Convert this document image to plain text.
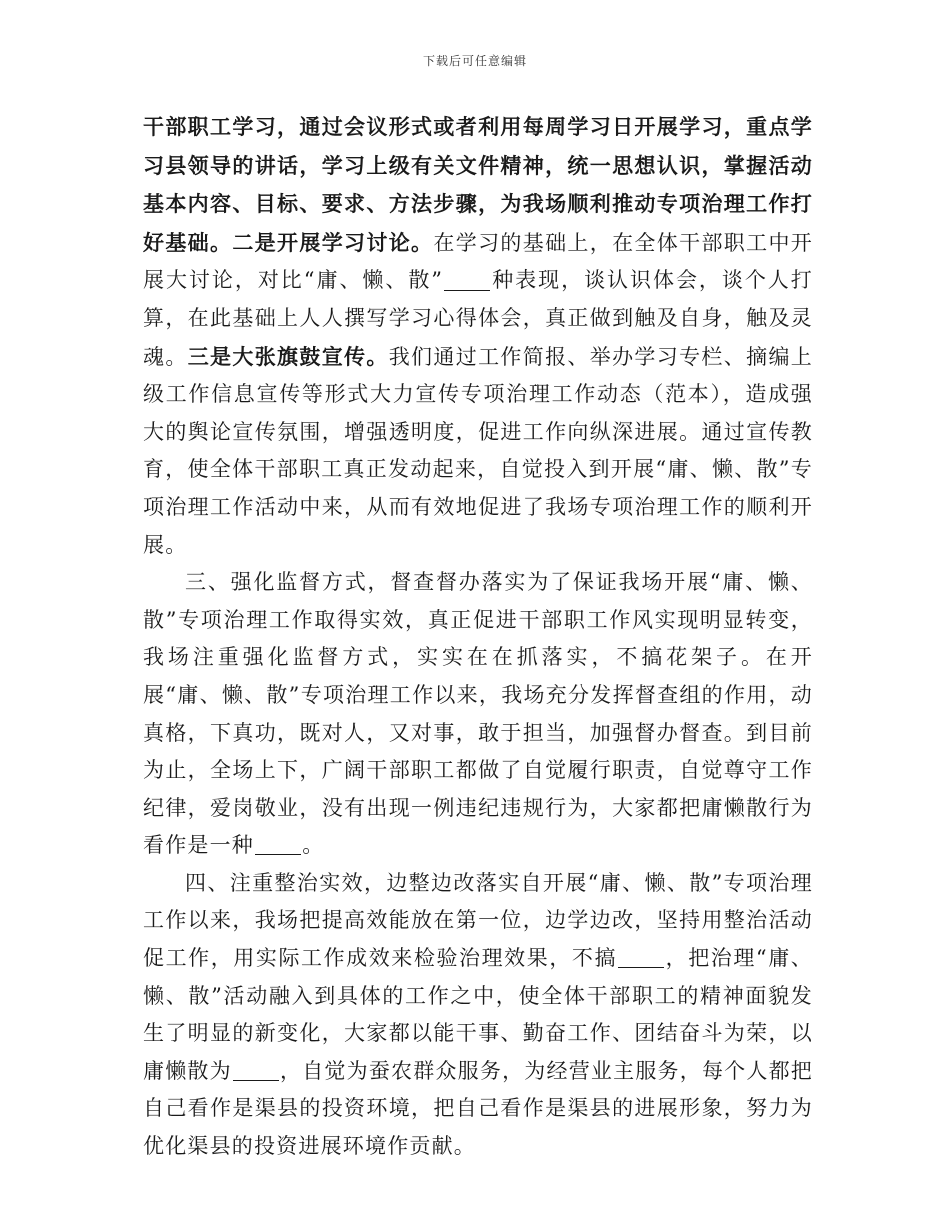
下载后可任意编辑

干部职工学习，通过会议形式或者利用每周学习日开展学习，重点学习县领导的讲话，学习上级有关文件精神，统一思想认识，掌握活动基本内容、目标、要求、方法步骤，为我场顺利推动专项治理工作打好基础。二是开展学习讨论。在学习的基础上，在全体干部职工中开展大讨论，对比“庸、懒、散” 种表现，谈认识体会，谈个人打算，在此基础上人人撰写学习心得体会，真正做到触及自身，触及灵魂。三是大张旗鼓宣传。我们通过工作简报、举办学习专栏、摘编上级工作信息宣传等形式大力宣传专项治理工作动态（范本），造成强大的舆论宣传氛围，增强透明度，促进工作向纵深进展。通过宣传教育，使全体干部职工真正发动起来，自觉投入到开展“庸、懒、散”专项治理工作活动中来，从而有效地促进了我场专项治理工作的顺利开展。

三、强化监督方式，督查督办落实为了保证我场开展“庸、懒、散”专项治理工作取得实效，真正促进干部职工作风实现明显转变，我场注重强化监督方式，实实在在抓落实，不搞花架子。在开展“庸、懒、散”专项治理工作以来，我场充分发挥督查组的作用，动真格，下真功，既对人，又对事，敢于担当，加强督办督查。到目前为止，全场上下，广阔干部职工都做了自觉履行职责，自觉尊守工作纪律，爱岗敬业，没有出现一例违纪违规行为，大家都把庸懒散行为看作是一种 。

四、注重整治实效，边整边改落实自开展“庸、懒、散”专项治理工作以来，我场把提高效能放在第一位，边学边改，坚持用整治活动促工作，用实际工作成效来检验治理效果，不搞 ，把治理“庸、懒、散”活动融入到具体的工作之中，使全体干部职工的精神面貌发生了明显的新变化，大家都以能干事、勤奋工作、团结奋斗为荣，以庸懒散为 ，自觉为蚕农群众服务，为经营业主服务，每个人都把自己看作是渠县的投资环境，把自己看作是渠县的进展形象，努力为优化渠县的投资进展环境作贡献。
